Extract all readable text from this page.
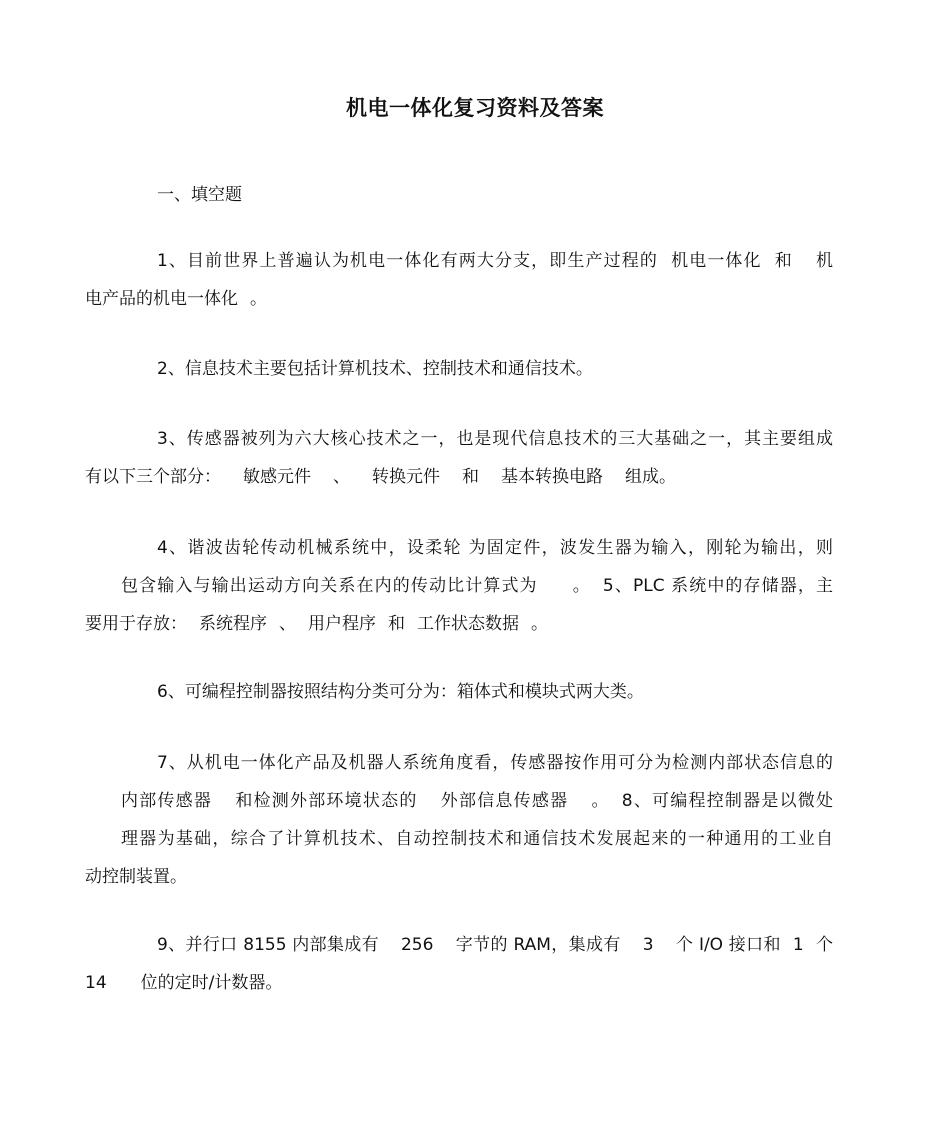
机电一体化复习资料及答案
一、填空题

1、目前世界上普遍认为机电一体化有两大分支，即生产过程的 机电一体化 和 机
电产品的机电一体化 。

2、信息技术主要包括计算机技术、控制技术和通信技术。

3、传感器被列为六大核心技术之一，也是现代信息技术的三大基础之一，其主要组成
有以下三个部分： 敏感元件 、 转换元件 和 基本转换电路 组成。

4、谐波齿轮传动机械系统中，设柔轮 为固定件，波发生器为输入，刚轮为输出，则
包含输入与输出运动方向关系在内的传动比计算式为 。 5、PLC 系统中的存储器，主
要用于存放： 系统程序 、 用户程序 和 工作状态数据 。

6、可编程控制器按照结构分类可分为：箱体式和模块式两大类。

7、从机电一体化产品及机器人系统角度看，传感器按作用可分为检测内部状态信息的
内部传感器 和检测外部环境状态的 外部信息传感器 。 8、可编程控制器是以微处
理器为基础，综合了计算机技术、自动控制技术和通信技术发展起来的一种通用的工业自
动控制装置。

9、并行口 8155 内部集成有 256 字节的 RAM，集成有 3 个 I/O 接口和 1 个
14 位的定时/计数器。
